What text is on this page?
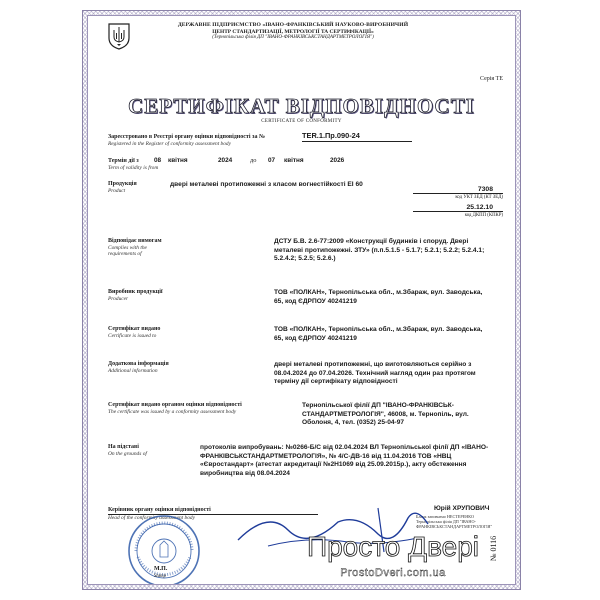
ДЕРЖАВНЕ ПІДПРИЄМСТВО «ІВАНО-ФРАНКІВСЬКИЙ НАУКОВО-ВИРОБНИЧИЙ
ЦЕНТР СТАНДАРТИЗАЦІЇ, МЕТРОЛОГІЇ ТА СЕРТИФІКАЦІЇ»
(Тернопільська філія ДП "ІВАНО-ФРАНКІВСЬКСТАНДАРТМЕТРОЛОГІЯ")
Серія ТЕ
СЕРТИФІКАТ ВІДПОВІДНОСТІ
CERTIFICATE OF CONFORMITY
Зареєстровано в Реєстрі органу оцінки відповідності за №
Registered in the Register of conformity assessment body
TER.1.Пр.090-24
Термін дії з
Term of validity is from
08 квітня	2024	до 07 квітня	2026
Продукція
Product
двері металеві протипожежні з класом вогнестійкості ЕІ 60
7308
код УКТ ЗЕД (КТ ЗЕД)
25.12.10
код ДКПП (КПКР)
Відповідає вимогам
Complies with the
requirements of
ДСТУ Б.В. 2.6-77:2009 «Конструкції будинків і споруд. Двері металеві протипожежні. ЗТУ» (п.п.5.1.5 - 5.1.7; 5.2.1; 5.2.2; 5.2.4.1; 5.2.4.2; 5.2.5; 5.2.6.)
Виробник продукції
Producer
ТОВ «ПОЛКАН», Тернопільська обл., м.Збараж, вул. Заводська, 65, код ЄДРПОУ 40241219
Сертифікат видано
Certificate is issued to
ТОВ «ПОЛКАН», Тернопільська обл., м.Збараж, вул. Заводська, 65, код ЄДРПОУ 40241219
Додаткова інформація
Additional information
двері металеві протипожежні, що виготовляються серійно з 08.04.2024 до 07.04.2026. Технічний нагляд один раз протягом терміну дії сертифікату відповідності
Сертифікат видано органом оцінки відповідності
The certificate was issued by a conformity assessment body
Тернопільської філії ДП "ІВАНО-ФРАНКІВСЬК-СТАНДАРТМЕТРОЛОГІЯ", 46008, м. Тернопіль, вул. Оболоня, 4, тел. (0352) 25-04-97
На підставі
On the grounds of
протоколів випробувань: №0266-Б/С від 02.04.2024 ВЛ Тернопільської філії ДП «ІВАНО-ФРАНКІВСЬКСТАНДАРТМЕТРОЛОГІЯ», № 4/С-ДВ-16 від 11.04.2016 ТОВ «НВЦ «Євростандарт» (атестат акредитації №2Н1069 від 25.09.2015р.), акту обстеження виробництва від 08.04.2024
Керівник органу оцінки відповідності
Head of the conformity assessment body
Юрій ХРУПОВИЧ
Бланк заповнено НЕСТЕРЕНКО Тернопільська філія ДП "ІВАНО-ФРАНКІВСЬКСТАНДАРТМЕТРОЛОГІЯ"
М.П.
Stamp
№ 0116
Просто Двері
ProstoDveri.com.ua
